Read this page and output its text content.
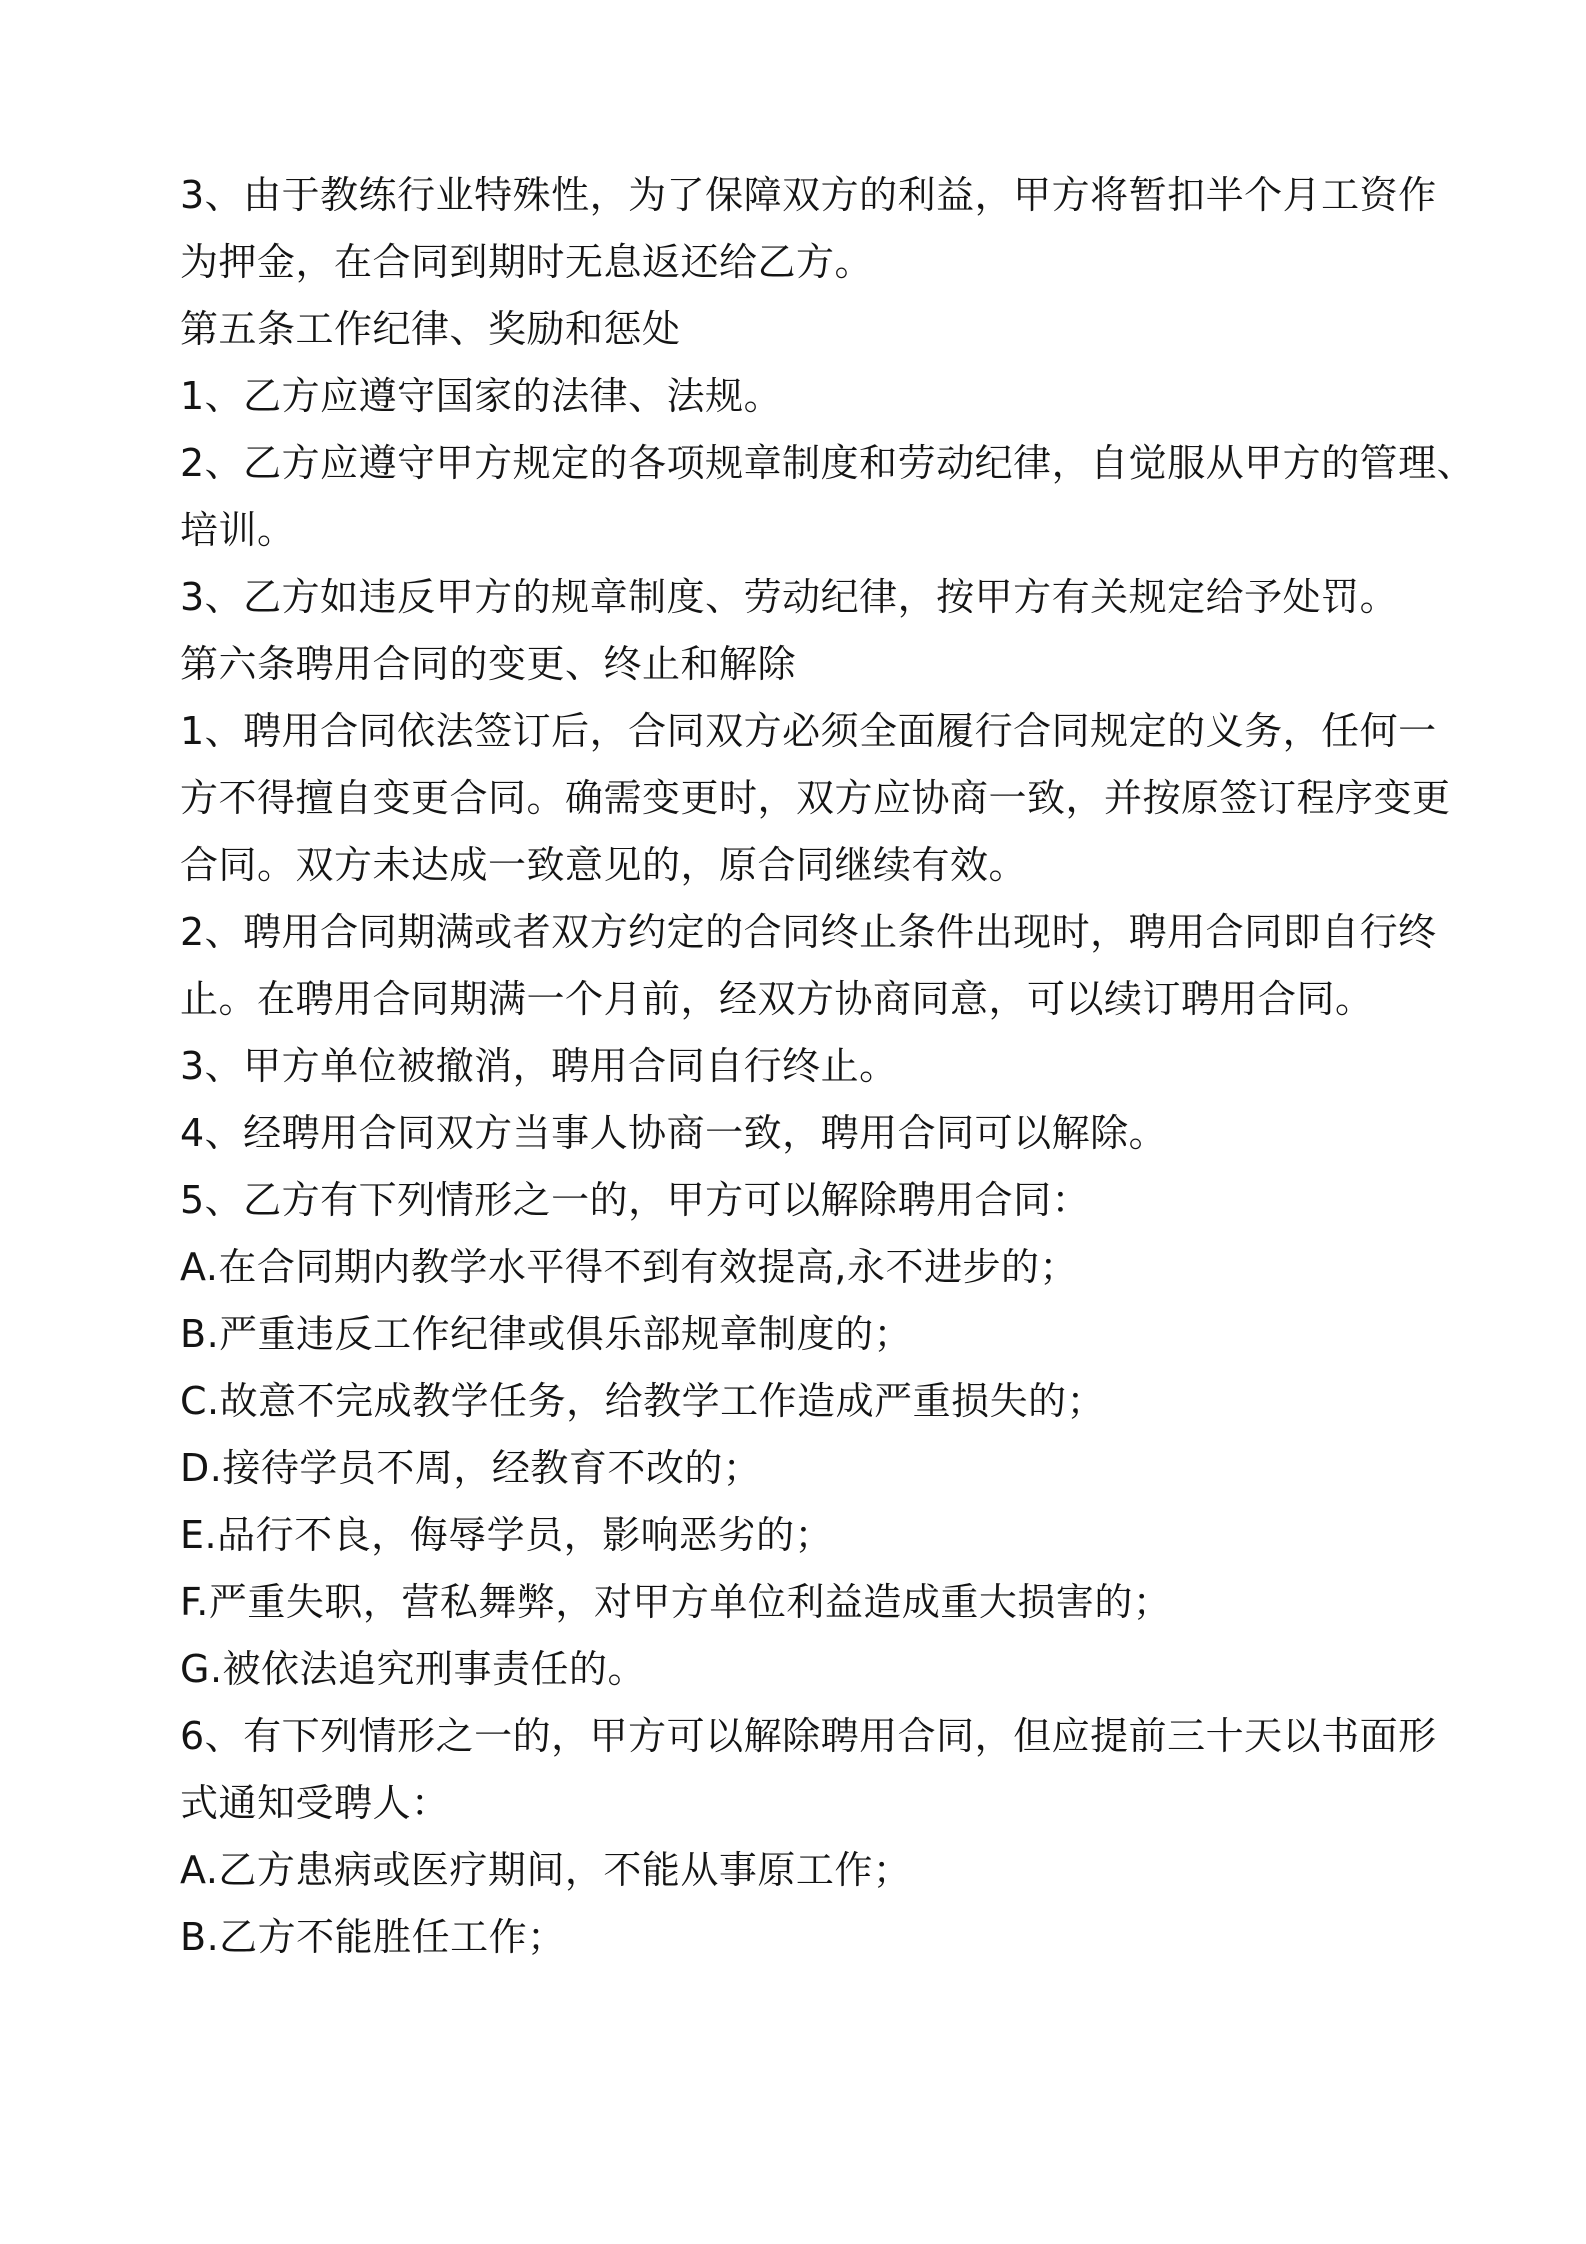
3、由于教练行业特殊性，为了保障双方的利益，甲方将暂扣半个月工资作
为押金，在合同到期时无息返还给乙方。
第五条工作纪律、奖励和惩处
1、乙方应遵守国家的法律、法规。
2、乙方应遵守甲方规定的各项规章制度和劳动纪律，自觉服从甲方的管理、
培训。
3、乙方如违反甲方的规章制度、劳动纪律，按甲方有关规定给予处罚。
第六条聘用合同的变更、终止和解除
1、聘用合同依法签订后，合同双方必须全面履行合同规定的义务，任何一
方不得擅自变更合同。确需变更时，双方应协商一致，并按原签订程序变更
合同。双方未达成一致意见的，原合同继续有效。
2、聘用合同期满或者双方约定的合同终止条件出现时，聘用合同即自行终
止。在聘用合同期满一个月前，经双方协商同意，可以续订聘用合同。
3、甲方单位被撤消，聘用合同自行终止。
4、经聘用合同双方当事人协商一致，聘用合同可以解除。
5、乙方有下列情形之一的，甲方可以解除聘用合同：
A.在合同期内教学水平得不到有效提高,永不进步的；
B.严重违反工作纪律或俱乐部规章制度的；
C.故意不完成教学任务，给教学工作造成严重损失的；
D.接待学员不周，经教育不改的；
E.品行不良，侮辱学员，影响恶劣的；
F.严重失职，营私舞弊，对甲方单位利益造成重大损害的；
G.被依法追究刑事责任的。
6、有下列情形之一的，甲方可以解除聘用合同，但应提前三十天以书面形
式通知受聘人：
A.乙方患病或医疗期间，不能从事原工作；
B.乙方不能胜任工作；
